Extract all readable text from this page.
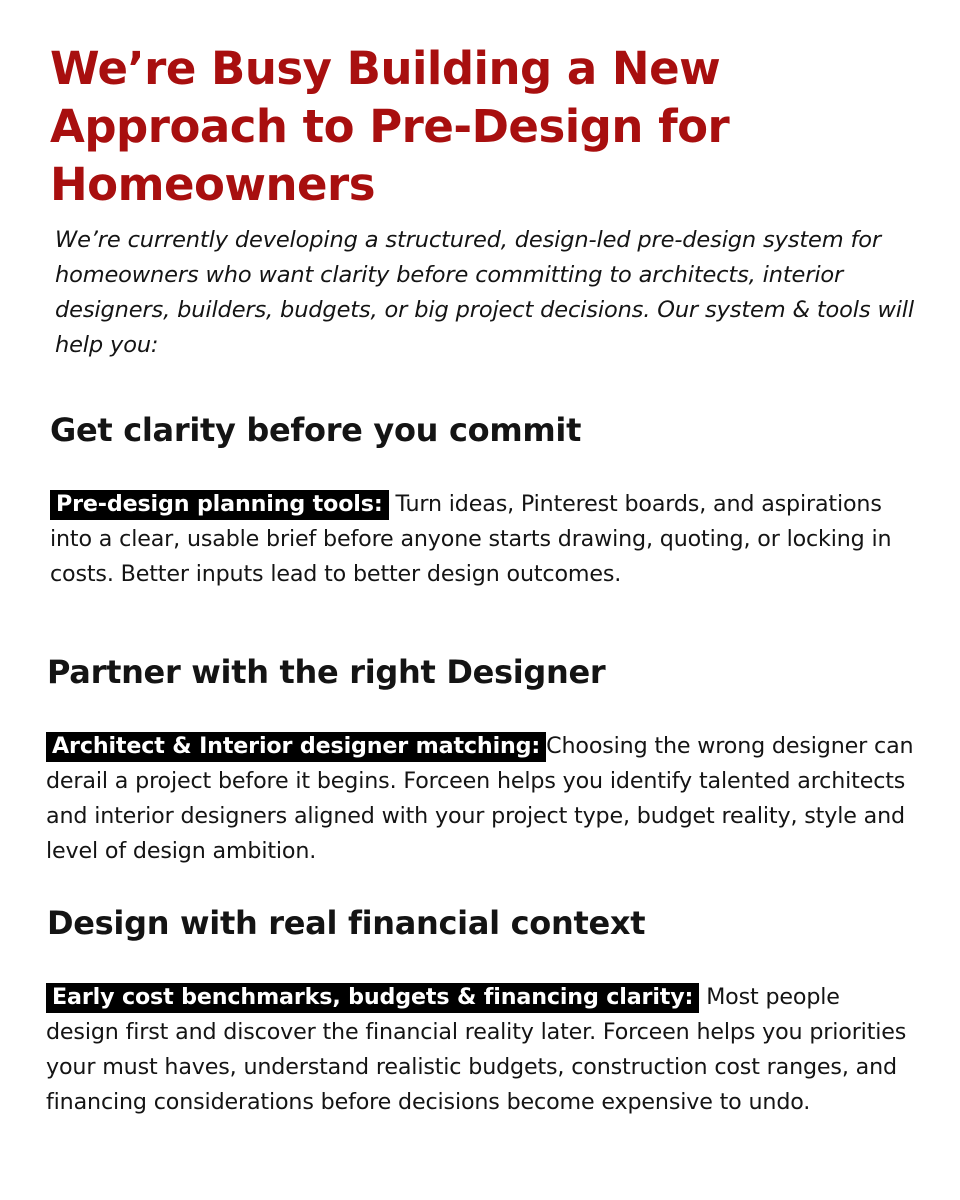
We’re Busy Building a New Approach to Pre-Design for Homeowners

We’re currently developing a structured, design-led pre-design system for homeowners who want clarity before committing to architects, interior designers, builders, budgets, or big project decisions. Our system & tools will help you:

Get clarity before you commit

Pre-design planning tools: Turn ideas, Pinterest boards, and aspirations into a clear, usable brief before anyone starts drawing, quoting, or locking in costs. Better inputs lead to better design outcomes.

Partner with the right Designer

Architect & Interior designer matching: Choosing the wrong designer can derail a project before it begins. Forceen helps you identify talented architects and interior designers aligned with your project type, budget reality, style and level of design ambition.

Design with real financial context

Early cost benchmarks, budgets & financing clarity: Most people design first and discover the financial reality later. Forceen helps you priorities your must haves, understand realistic budgets, construction cost ranges, and financing considerations before decisions become expensive to undo.
